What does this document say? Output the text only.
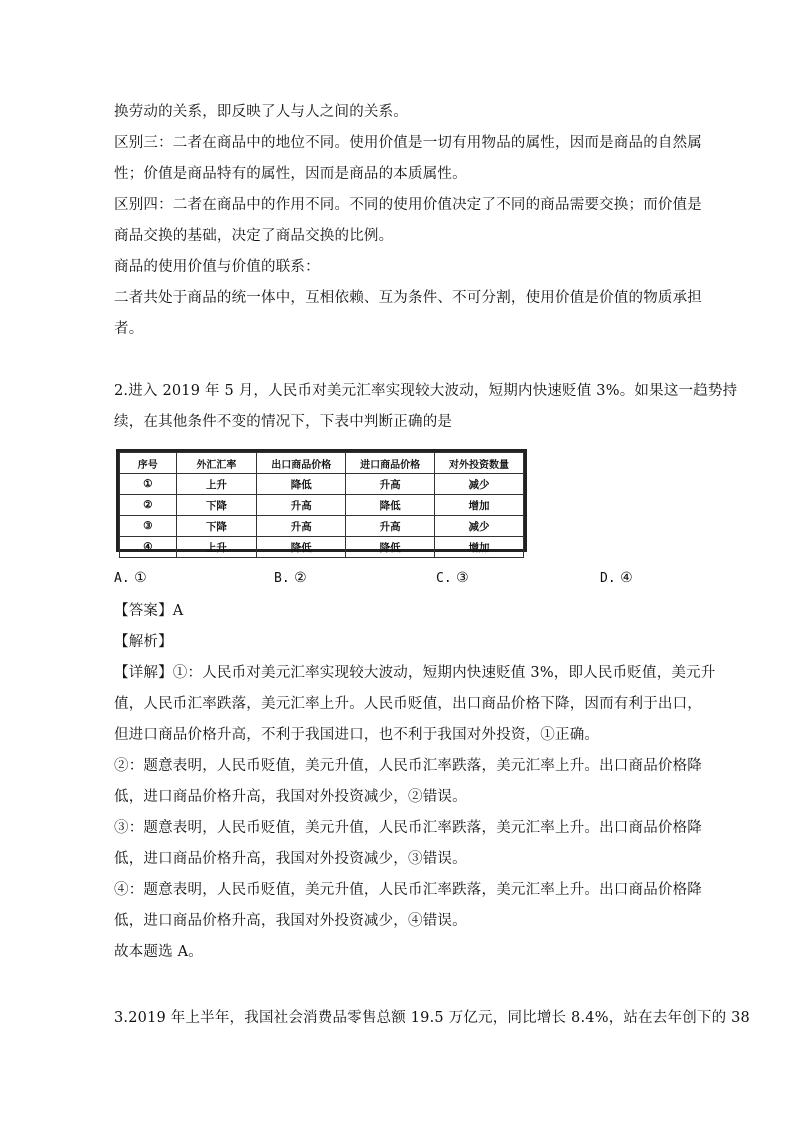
换劳动的关系，即反映了人与人之间的关系。
区别三：二者在商品中的地位不同。使用价值是一切有用物品的属性，因而是商品的自然属
性；价值是商品特有的属性，因而是商品的本质属性。
区别四：二者在商品中的作用不同。不同的使用价值决定了不同的商品需要交换；而价值是
商品交换的基础，决定了商品交换的比例。
商品的使用价值与价值的联系：
二者共处于商品的统一体中，互相依赖、互为条件、不可分割，使用价值是价值的物质承担
者。
2.进入 2019 年 5 月，人民币对美元汇率实现较大波动，短期内快速贬值 3%。如果这一趋势持
续，在其他条件不变的情况下，下表中判断正确的是
序号	外汇汇率	出口商品价格	进口商品价格	对外投资数量
①	上升	降低	升高	减少
②	下降	升高	降低	增加
③	下降	升高	升高	减少
④	上升	降低	降低	增加
A. ①	B. ②	C. ③	D. ④
【答案】A
【解析】
【详解】①：人民币对美元汇率实现较大波动，短期内快速贬值 3%，即人民币贬值，美元升
值，人民币汇率跌落，美元汇率上升。人民币贬值，出口商品价格下降，因而有利于出口，
但进口商品价格升高，不利于我国进口，也不利于我国对外投资，①正确。
②：题意表明，人民币贬值，美元升值，人民币汇率跌落，美元汇率上升。出口商品价格降
低，进口商品价格升高，我国对外投资减少，②错误。
③：题意表明，人民币贬值，美元升值，人民币汇率跌落，美元汇率上升。出口商品价格降
低，进口商品价格升高，我国对外投资减少，③错误。
④：题意表明，人民币贬值，美元升值，人民币汇率跌落，美元汇率上升。出口商品价格降
低，进口商品价格升高，我国对外投资减少，④错误。
故本题选 A。
3.2019 年上半年，我国社会消费品零售总额 19.5 万亿元，同比增长 8.4%，站在去年创下的 38
